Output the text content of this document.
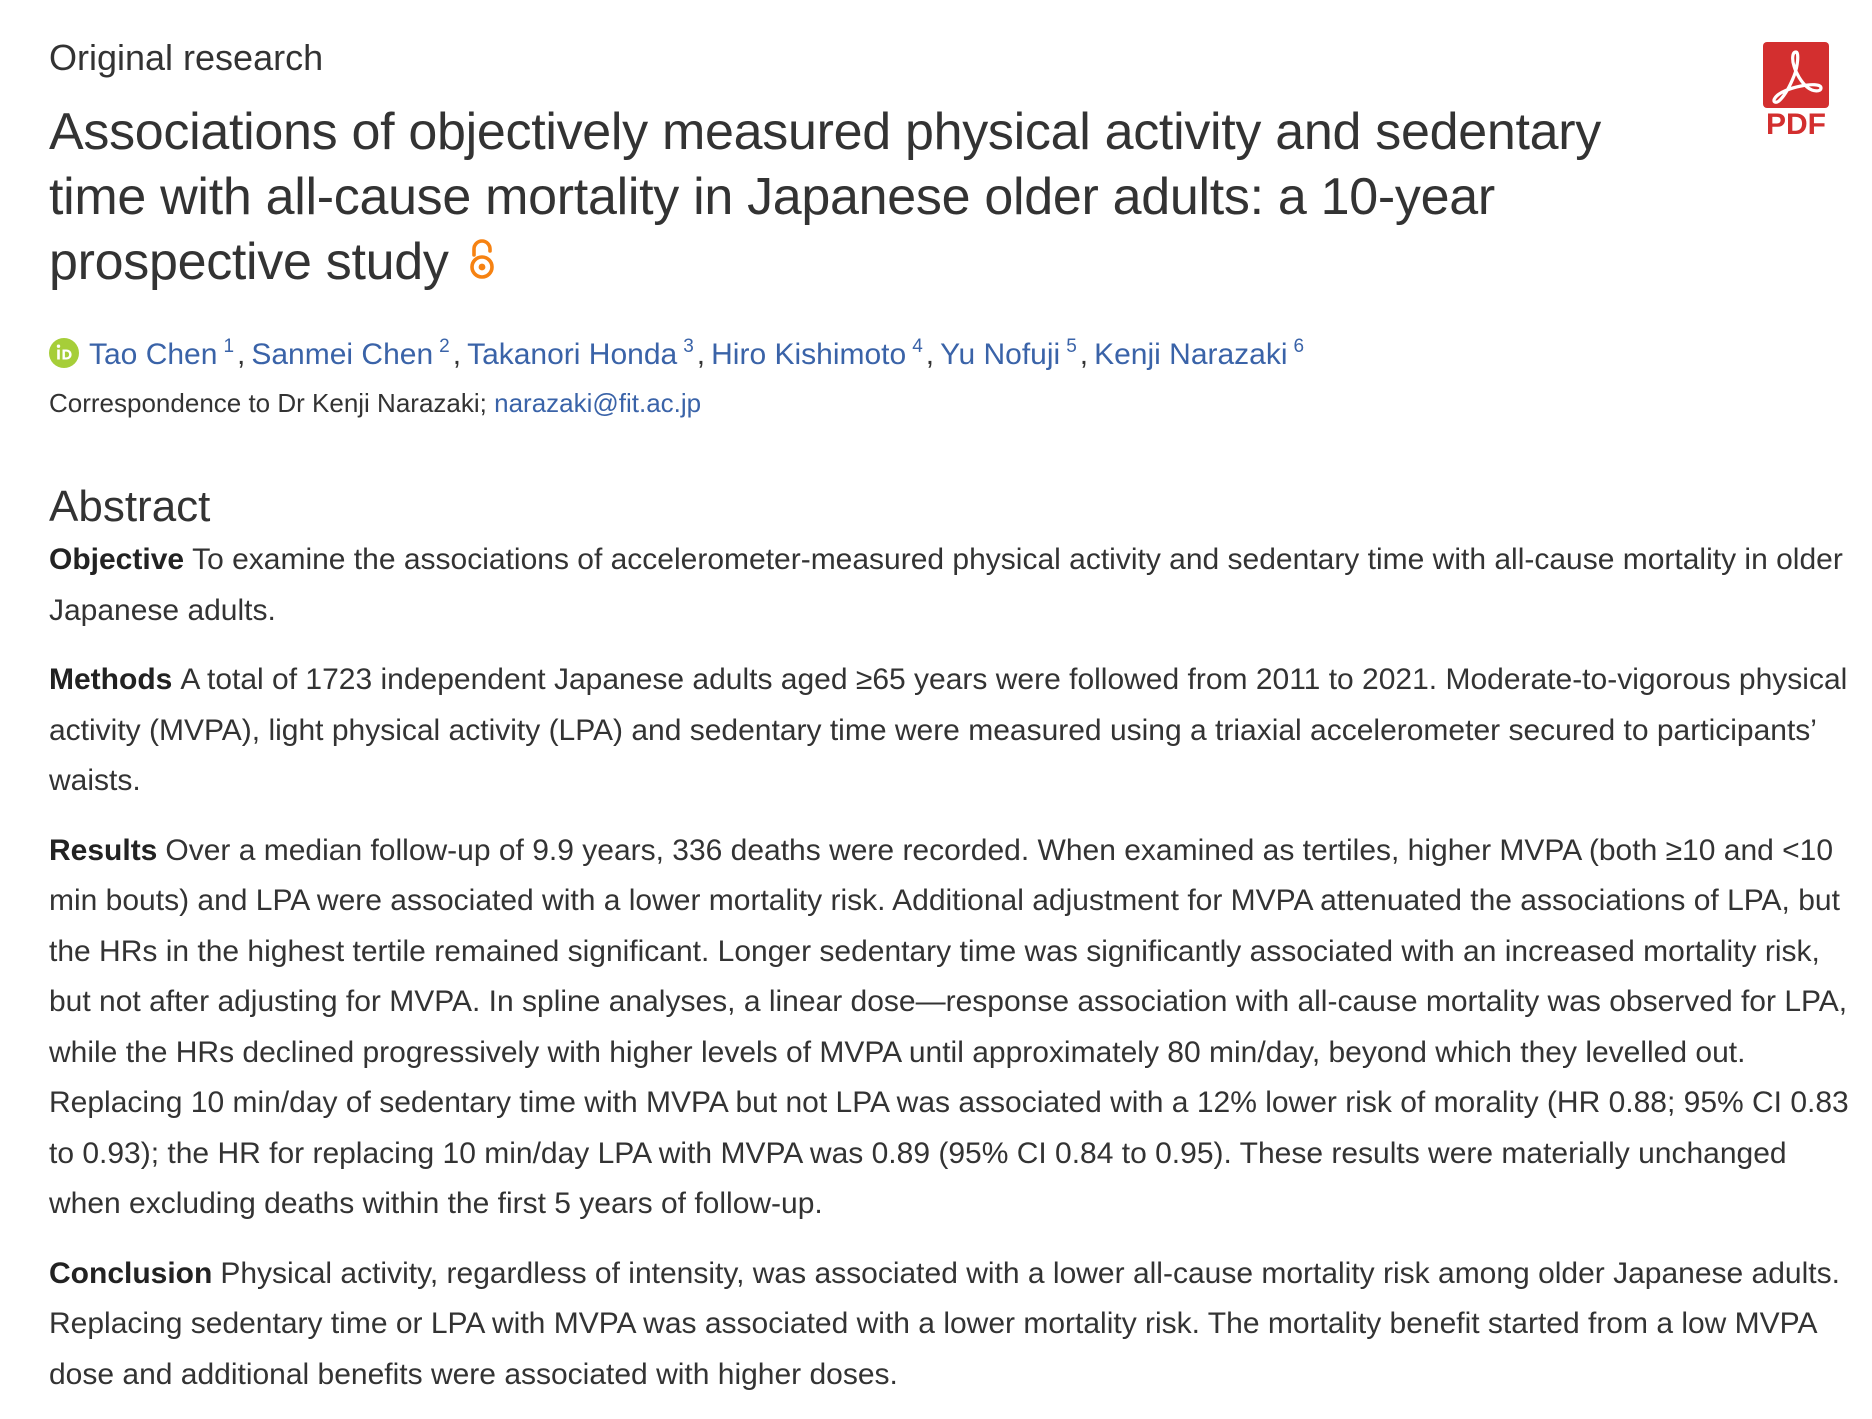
Original research

Associations of objectively measured physical activity and sedentary time with all-cause mortality in Japanese older adults: a 10-year prospective study
Tao Chen $^1$ , Sanmei Chen $^2$ , Takanori Honda $^3$ , Hiro Kishimoto $^4$ , Yu Nofuji $^5$ , Kenji Narazaki $^6$
Correspondence to Dr Kenji Narazaki; narazaki@fit.ac.jp
Abstract

Objective To examine the associations of accelerometer-measured physical activity and sedentary time with all-cause mortality in older Japanese adults.

Methods A total of 1723 independent Japanese adults aged ≥65 years were followed from 2011 to 2021. Moderate-to-vigorous physical activity (MVPA), light physical activity (LPA) and sedentary time were measured using a triaxial accelerometer secured to participants’ waists.

Results Over a median follow-up of 9.9 years, 336 deaths were recorded. When examined as tertiles, higher MVPA (both ≥10 and <10 min bouts) and LPA were associated with a lower mortality risk. Additional adjustment for MVPA attenuated the associations of LPA, but the HRs in the highest tertile remained significant. Longer sedentary time was significantly associated with an increased mortality risk, but not after adjusting for MVPA. In spline analyses, a linear dose—response association with all-cause mortality was observed for LPA, while the HRs declined progressively with higher levels of MVPA until approximately 80 min/day, beyond which they levelled out. Replacing 10 min/day of sedentary time with MVPA but not LPA was associated with a 12% lower risk of morality (HR 0.88; 95% CI 0.83 to 0.93); the HR for replacing 10 min/day LPA with MVPA was 0.89 (95% CI 0.84 to 0.95). These results were materially unchanged when excluding deaths within the first 5 years of follow-up.

Conclusion Physical activity, regardless of intensity, was associated with a lower all-cause mortality risk among older Japanese adults. Replacing sedentary time or LPA with MVPA was associated with a lower mortality risk. The mortality benefit started from a low MVPA dose and additional benefits were associated with higher doses.

PDF
